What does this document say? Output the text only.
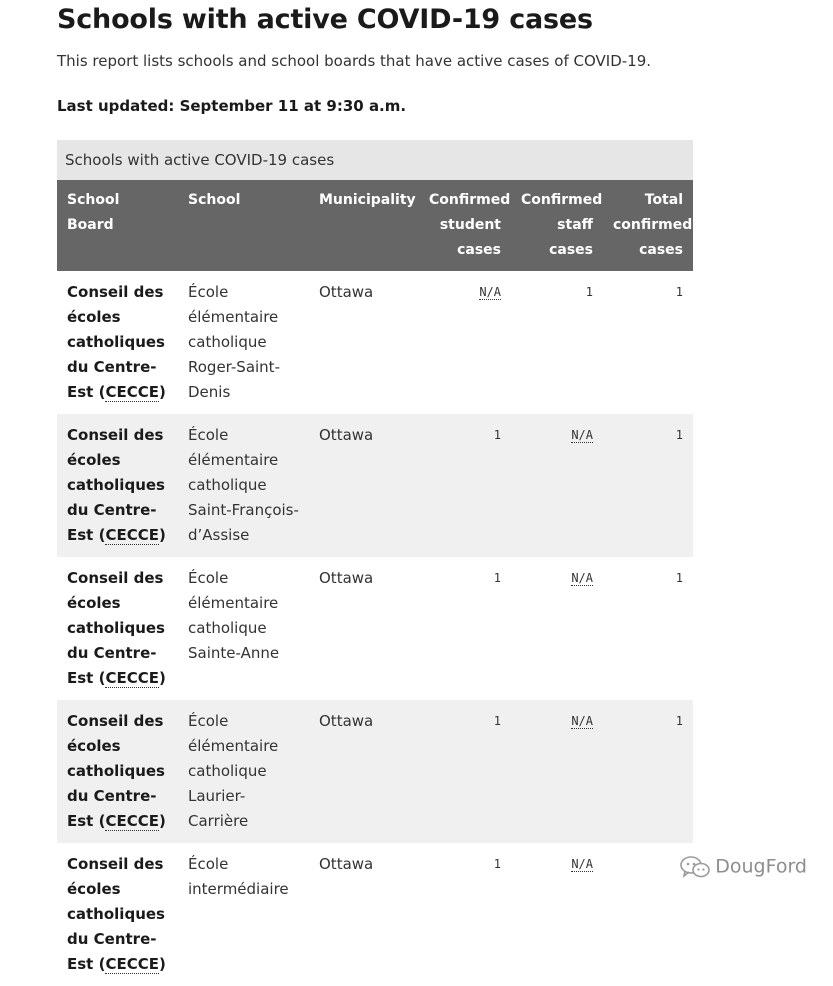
Schools with active COVID-19 cases

This report lists schools and school boards that have active cases of COVID-19.

Last updated: September 11 at 9:30 a.m.

Schools with active COVID-19 cases
School Board	School	Municipality	Confirmed student cases	Confirmed staff cases	Total confirmed cases
Conseil des écoles catholiques du Centre-Est (CECCE)	École élémentaire catholique Roger-Saint-Denis	Ottawa	N/A	1	1
Conseil des écoles catholiques du Centre-Est (CECCE)	École élémentaire catholique Saint-François-d’Assise	Ottawa	1	N/A	1
Conseil des écoles catholiques du Centre-Est (CECCE)	École élémentaire catholique Sainte-Anne	Ottawa	1	N/A	1
Conseil des écoles catholiques du Centre-Est (CECCE)	École élémentaire catholique Laurier-Carrière	Ottawa	1	N/A	1
Conseil des écoles catholiques du Centre-Est (CECCE)	École intermédiaire	Ottawa	1	N/A		DougFord
